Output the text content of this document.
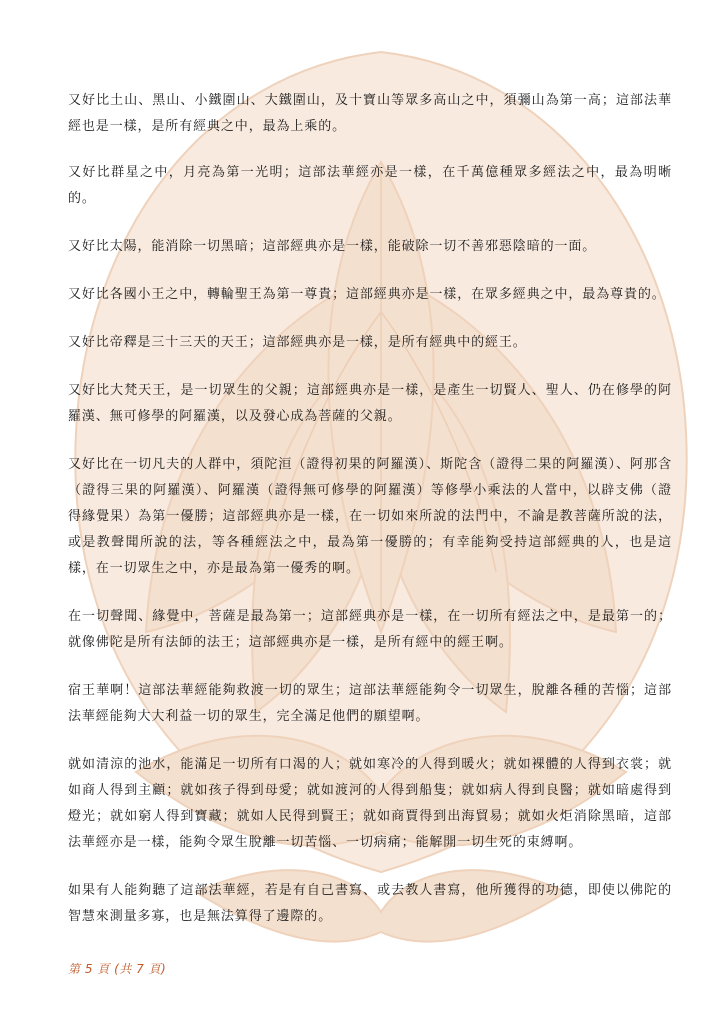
又好比土山、黑山、小鐵圍山、大鐵圍山，及十寶山等眾多高山之中，須彌山為第一高；這部法華經也是一樣，是所有經典之中，最為上乘的。

又好比群星之中，月亮為第一光明；這部法華經亦是一樣，在千萬億種眾多經法之中，最為明晰的。

又好比太陽，能消除一切黑暗；這部經典亦是一樣，能破除一切不善邪惡陰暗的一面。

又好比各國小王之中，轉輪聖王為第一尊貴；這部經典亦是一樣，在眾多經典之中，最為尊貴的。

又好比帝釋是三十三天的天王；這部經典亦是一樣，是所有經典中的經王。

又好比大梵天王，是一切眾生的父親；這部經典亦是一樣，是產生一切賢人、聖人、仍在修學的阿羅漢、無可修學的阿羅漢，以及發心成為菩薩的父親。

又好比在一切凡夫的人群中，須陀洹（證得初果的阿羅漢）、斯陀含（證得二果的阿羅漢）、阿那含（證得三果的阿羅漢）、阿羅漢（證得無可修學的阿羅漢）等修學小乘法的人當中，以辟支佛（證得緣覺果）為第一優勝；這部經典亦是一樣，在一切如來所說的法門中，不論是教菩薩所說的法，或是教聲聞所說的法，等各種經法之中，最為第一優勝的；有幸能夠受持這部經典的人，也是這樣，在一切眾生之中，亦是最為第一優秀的啊。

在一切聲聞、緣覺中，菩薩是最為第一；這部經典亦是一樣，在一切所有經法之中，是最第一的；就像佛陀是所有法師的法王；這部經典亦是一樣，是所有經中的經王啊。

宿王華啊！這部法華經能夠救渡一切的眾生；這部法華經能夠令一切眾生，脫離各種的苦惱；這部法華經能夠大大利益一切的眾生，完全滿足他們的願望啊。

就如清涼的池水，能滿足一切所有口渴的人；就如寒冷的人得到暖火；就如裸體的人得到衣裳；就如商人得到主顧；就如孩子得到母愛；就如渡河的人得到船隻；就如病人得到良醫；就如暗處得到燈光；就如窮人得到寶藏；就如人民得到賢王；就如商賈得到出海貿易；就如火炬消除黑暗，這部法華經亦是一樣，能夠令眾生脫離一切苦惱、一切病痛；能解開一切生死的束縛啊。

如果有人能夠聽了這部法華經，若是有自己書寫、或去教人書寫，他所獲得的功德，即使以佛陀的智慧來測量多寡，也是無法算得了邊際的。

第 5 頁 (共 7 頁)
